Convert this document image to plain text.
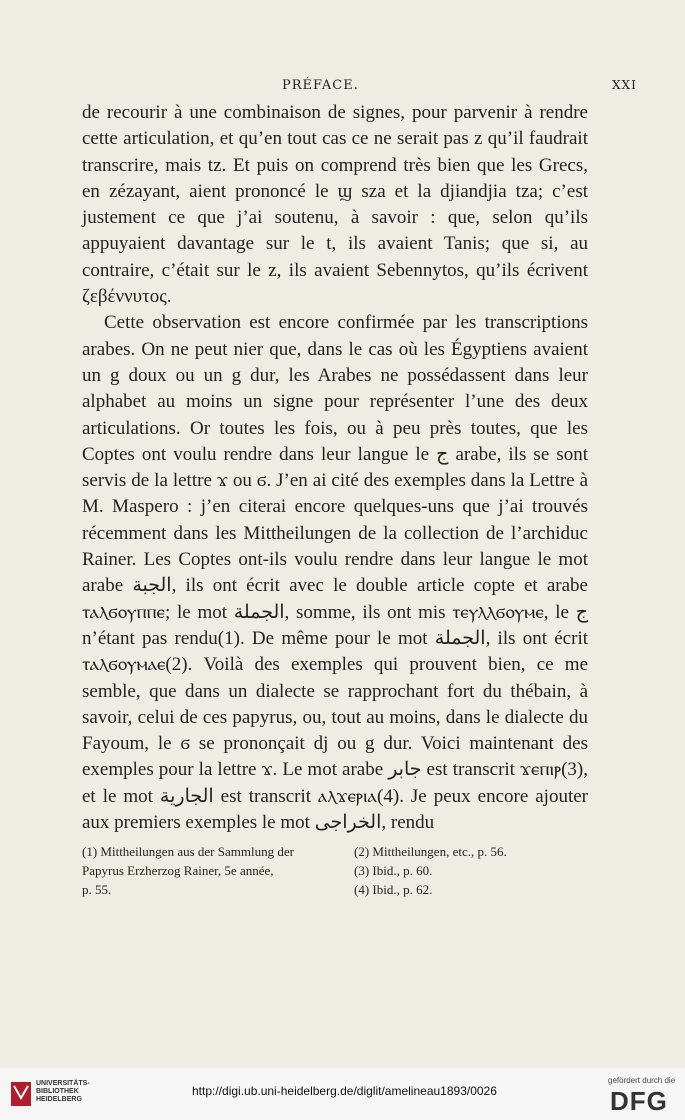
PRÉFACE.	XXI

de recourir à une combinaison de signes, pour parvenir à rendre cette articulation, et qu’en tout cas ce ne serait pas z qu’il faudrait transcrire, mais tz. Et puis on comprend très bien que les Grecs, en zézayant, aient prononcé le ϣ sza et la djiandjia tza; c’est justement ce que j’ai soutenu, à savoir : que, selon qu’ils appuyaient davantage sur le t, ils avaient Tanis; que si, au contraire, c’était sur le z, ils avaient Sebennytos, qu’ils écrivent ζεβέννυτος.

Cette observation est encore confirmée par les transcriptions arabes. On ne peut nier que, dans le cas où les Égyptiens avaient un g doux ou un g dur, les Arabes ne possédassent dans leur alphabet au moins un signe pour représenter l’une des deux articulations. Or toutes les fois, ou à peu près toutes, que les Coptes ont voulu rendre dans leur langue le ج arabe, ils se sont servis de la lettre ϫ ou ϭ. J’en ai cité des exemples dans la Lettre à M. Maspero : j’en citerai encore quelques-uns que j’ai trouvés récemment dans les Mittheilungen de la collection de l’archiduc Rainer. Les Coptes ont-ils voulu rendre dans leur langue le mot arabe الجبة, ils ont écrit avec le double article copte et arabe ⲧⲁⲗϭⲟⲩⲡⲡⲉ; le mot الجملة, somme, ils ont mis ⲧⲉⲩⲗⲗϭⲟⲩⲙⲉ, le ج n’étant pas rendu(1). De même pour le mot الجملة, ils ont écrit ⲧⲁⲗϭⲟⲩⲙⲁⲉ(2). Voilà des exemples qui prouvent bien, ce me semble, que dans un dialecte se rapprochant fort du thébain, à savoir, celui de ces papyrus, ou, tout au moins, dans le dialecte du Fayoum, le ϭ se prononçait dj ou g dur. Voici maintenant des exemples pour la lettre ϫ. Le mot arabe جابر est transcrit ϫⲉⲡⲓⲣ(3), et le mot الجارية est transcrit ⲁⲗϫⲉⲣⲓⲁ(4). Je peux encore ajouter aux premiers exemples le mot الخراجى, rendu

(1) Mittheilungen aus der Sammlung der
Papyrus Erzherzog Rainer, 5e année,
p. 55.
(2) Mittheilungen, etc., p. 56.
(3) Ibid., p. 60.
(4) Ibid., p. 62.
UNIVERSITÄTS-
BIBLIOTHEK
HEIDELBERG
http://digi.ub.uni-heidelberg.de/diglit/amelineau1893/0026
gefördert durch die
DFG
